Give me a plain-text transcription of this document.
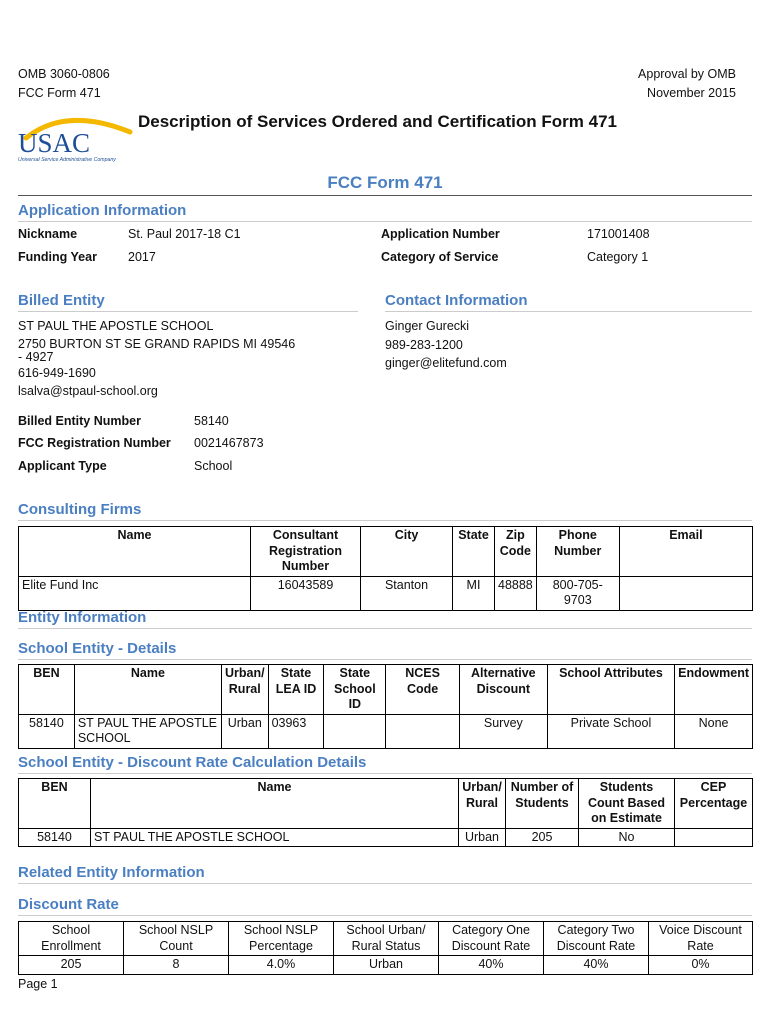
OMB 3060-0806
FCC Form 471
Approval by OMB
November 2015
USAC
Universal Service Administrative Company
Description of Services Ordered and Certification Form 471
FCC Form 471
Application Information
Nickname	St. Paul 2017-18 C1	Application Number	171001408
Funding Year 2017	Category of Service	Category 1
Billed Entity	Contact Information
ST PAUL THE APOSTLE SCHOOL
2750 BURTON ST SE GRAND RAPIDS MI 49546
- 4927
616-949-1690
lsalva@stpaul-school.org
Ginger Gurecki
989-283-1200
ginger@elitefund.com
Billed Entity Number	58140
FCC Registration Number 0021467873
Applicant Type	School
Consulting Firms
Name	Consultant Registration Number	City	State	Zip Code	Phone Number	Email
Elite Fund Inc	16043589	Stanton	MI	48888	800-705-9703	
Entity Information
School Entity - Details
BEN	Name	Urban/ Rural	State LEA ID	State School ID	NCES Code	Alternative Discount	School Attributes	Endowment
58140	ST PAUL THE APOSTLE SCHOOL	Urban	03963			Survey	Private School	None
School Entity - Discount Rate Calculation Details
BEN	Name	Urban/ Rural	Number of Students	Students Count Based on Estimate	CEP Percentage
58140	ST PAUL THE APOSTLE SCHOOL	Urban	205	No	
Related Entity Information
Discount Rate
School Enrollment	School NSLP Count	School NSLP Percentage	School Urban/ Rural Status	Category One Discount Rate	Category Two Discount Rate	Voice Discount Rate
205	8	4.0%	Urban	40%	40%	0%
Page 1
